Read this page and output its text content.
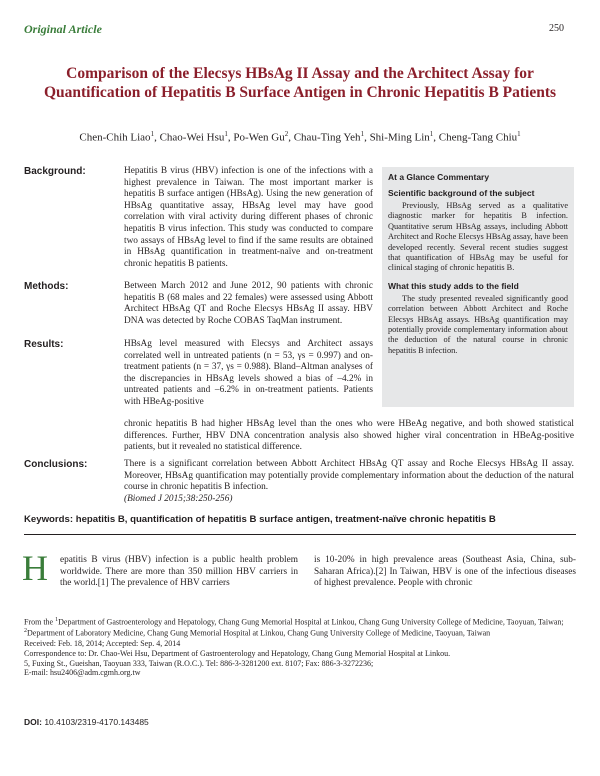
Original Article	250
Comparison of the Elecsys HBsAg II Assay and the Architect Assay for Quantification of Hepatitis B Surface Antigen in Chronic Hepatitis B Patients
Chen-Chih Liao$^1$, Chao-Wei Hsu$^1$, Po-Wen Gu$^2$, Chau-Ting Yeh$^1$, Shi-Ming Lin$^1$, Cheng-Tang Chiu$^1$
Background:	Hepatitis B virus (HBV) infection is one of the infections with a highest prevalence in Taiwan. The most important marker is hepatitis B surface antigen (HBsAg). Using the new generation of HBsAg quantitative assay, HBsAg level may have good correlation with viral activity during different phases of chronic hepatitis B virus infection. This study was conducted to compare two assays of HBsAg level to find if the same results are obtained in HBsAg quantification in treatment-naïve and on-treatment chronic hepatitis B patients.
Methods:	Between March 2012 and June 2012, 90 patients with chronic hepatitis B (68 males and 22 females) were assessed using Abbott Architect HBsAg QT and Roche Elecsys HBsAg II assay. HBV DNA was detected by Roche COBAS TaqMan instrument.
Results:	HBsAg level measured with Elecsys and Architect assays correlated well in untreated patients (n = 53, γs = 0.997) and on-treatment patients (n = 37, γs = 0.988). Bland–Altman analyses of the discrepancies in HBsAg levels showed a bias of –4.2% in untreated patients and –6.2% in on-treatment patients. Patients with HBeAg-positive
chronic hepatitis B had higher HBsAg level than the ones who were HBeAg negative, and both showed statistical differences. Further, HBV DNA concentration analysis also showed higher viral concentration in HBeAg-positive patients, but it revealed no statistical difference.
Conclusions:	There is a significant correlation between Abbott Architect HBsAg QT assay and Roche Elecsys HBsAg II assay. Moreover, HBsAg quantification may potentially provide complementary information about the deduction of the natural course in chronic hepatitis B infection.
(Biomed J 2015;38:250-256)

At a Glance Commentary

Scientific background of the subject

Previously, HBsAg served as a qualitative diagnostic marker for hepatitis B infection. Quantitative serum HBsAg assays, including Abbott Architect and Roche Elecsys HBsAg assay, have been developed recently. Several recent studies suggest that quantification of HBsAg may be useful for clinical staging of chronic hepatitis B.

What this study adds to the field

The study presented revealed significantly good correlation between Abbott Architect and Roche Elecsys HBsAg assays. HBsAg quantification may potentially provide complementary information about the deduction of the natural course in chronic hepatitis B infection.

Keywords: hepatitis B, quantification of hepatitis B surface antigen, treatment-naïve chronic hepatitis B
H epatitis B virus (HBV) infection is a public health problem worldwide. There are more than 350 million HBV carriers in the world.[1] The prevalence of HBV carriers
is 10-20% in high prevalence areas (Southeast Asia, China, sub-Saharan Africa).[2] In Taiwan, HBV is one of the infectious diseases of highest prevalence. People with chronic
From the $^1$Department of Gastroenterology and Hepatology, Chang Gung Memorial Hospital at Linkou, Chang Gung University College of Medicine, Taoyuan, Taiwan; $^2$Department of Laboratory Medicine, Chang Gung Memorial Hospital at Linkou, Chang Gung University College of Medicine, Taoyuan, Taiwan
Received: Feb. 18, 2014; Accepted: Sep. 4, 2014
Correspondence to: Dr. Chao-Wei Hsu, Department of Gastroenterology and Hepatology, Chang Gung Memorial Hospital at Linkou.
5, Fuxing St., Gueishan, Taoyuan 333, Taiwan (R.O.C.). Tel: 886-3-3281200 ext. 8107; Fax: 886-3-3272236;
E-mail: hsu2406@adm.cgmh.org.tw
DOI: 10.4103/2319-4170.143485
